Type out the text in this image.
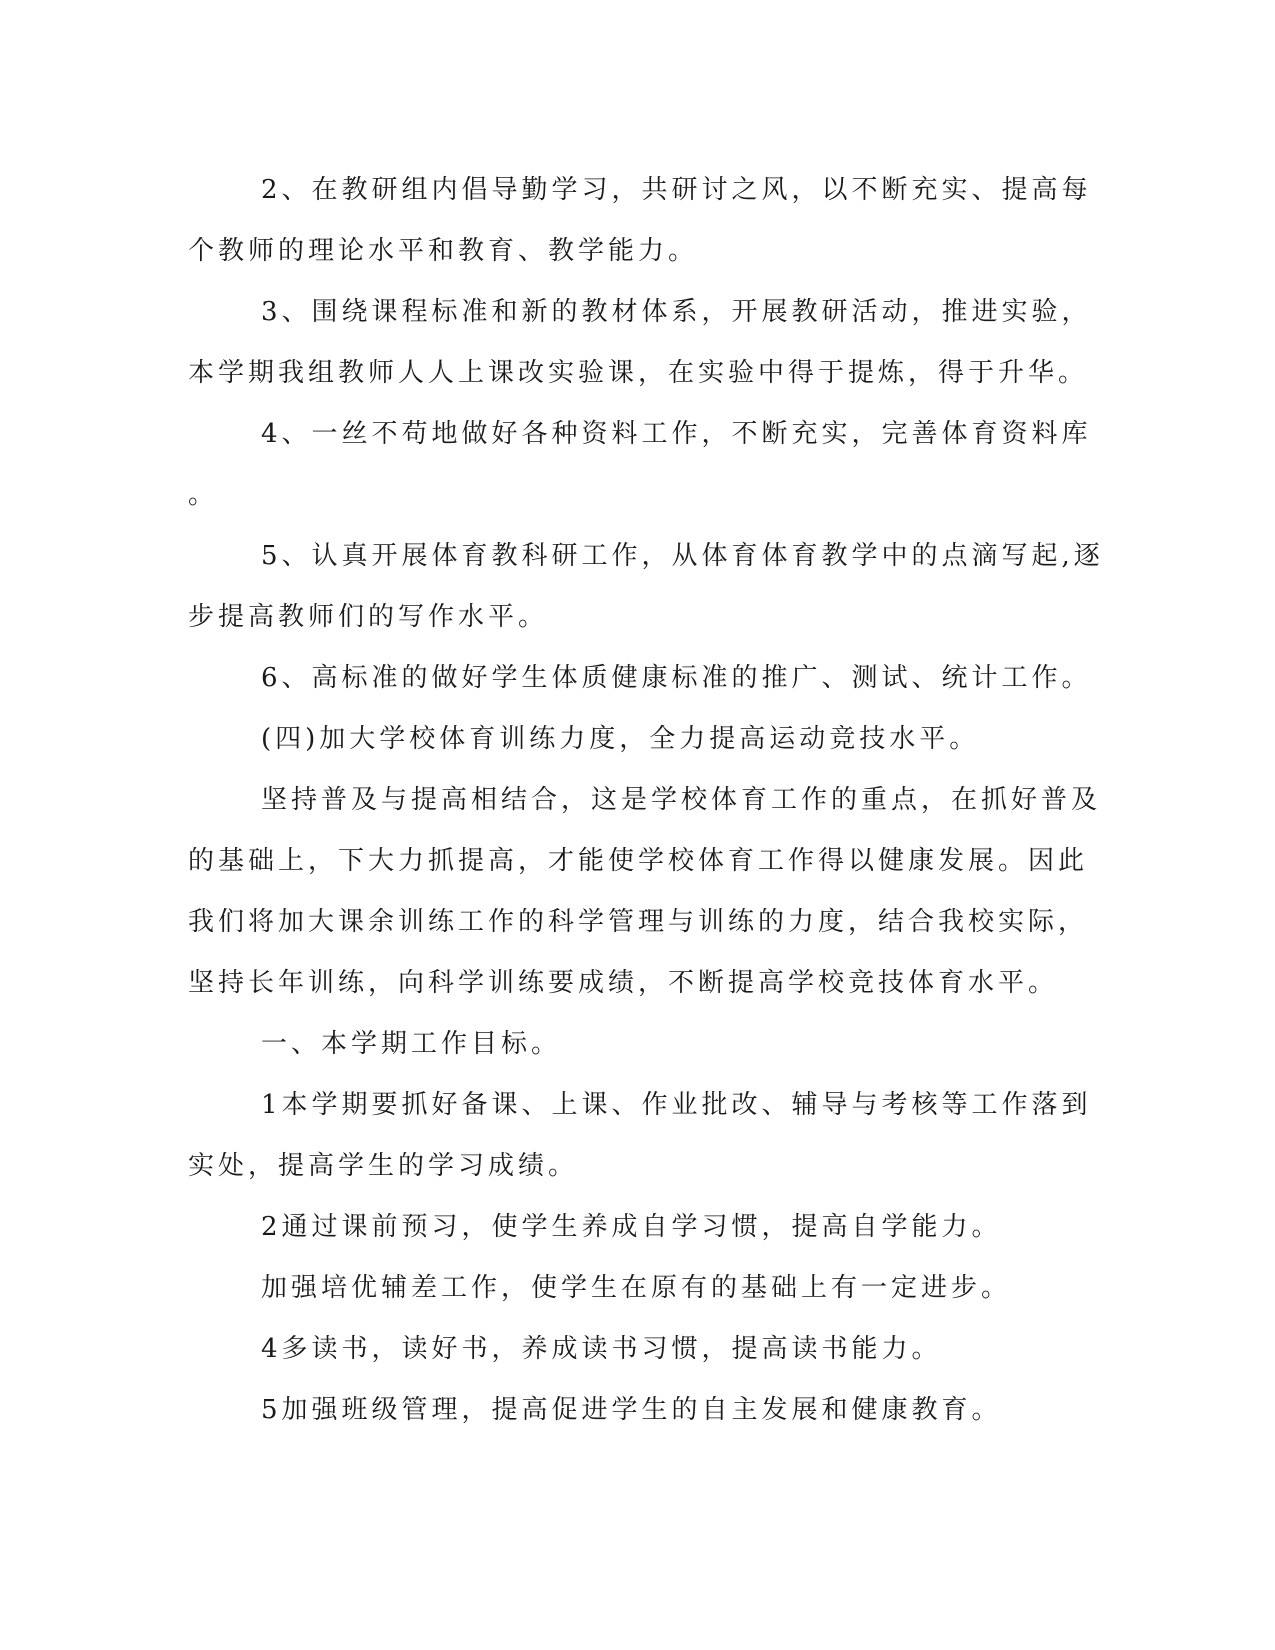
2、在教研组内倡导勤学习，共研讨之风，以不断充实、提高每

个教师的理论水平和教育、教学能力。

3、围绕课程标准和新的教材体系，开展教研活动，推进实验，

本学期我组教师人人上课改实验课，在实验中得于提炼，得于升华。

4、一丝不苟地做好各种资料工作，不断充实，完善体育资料库

。

5、认真开展体育教科研工作，从体育体育教学中的点滴写起,逐

步提高教师们的写作水平。

6、高标准的做好学生体质健康标准的推广、测试、统计工作。

(四)加大学校体育训练力度，全力提高运动竞技水平。

坚持普及与提高相结合，这是学校体育工作的重点，在抓好普及

的基础上，下大力抓提高，才能使学校体育工作得以健康发展。因此

我们将加大课余训练工作的科学管理与训练的力度，结合我校实际，

坚持长年训练，向科学训练要成绩，不断提高学校竞技体育水平。

一、本学期工作目标。

1本学期要抓好备课、上课、作业批改、辅导与考核等工作落到

实处，提高学生的学习成绩。

2通过课前预习，使学生养成自学习惯，提高自学能力。

加强培优辅差工作，使学生在原有的基础上有一定进步。

4多读书，读好书，养成读书习惯，提高读书能力。

5加强班级管理，提高促进学生的自主发展和健康教育。
